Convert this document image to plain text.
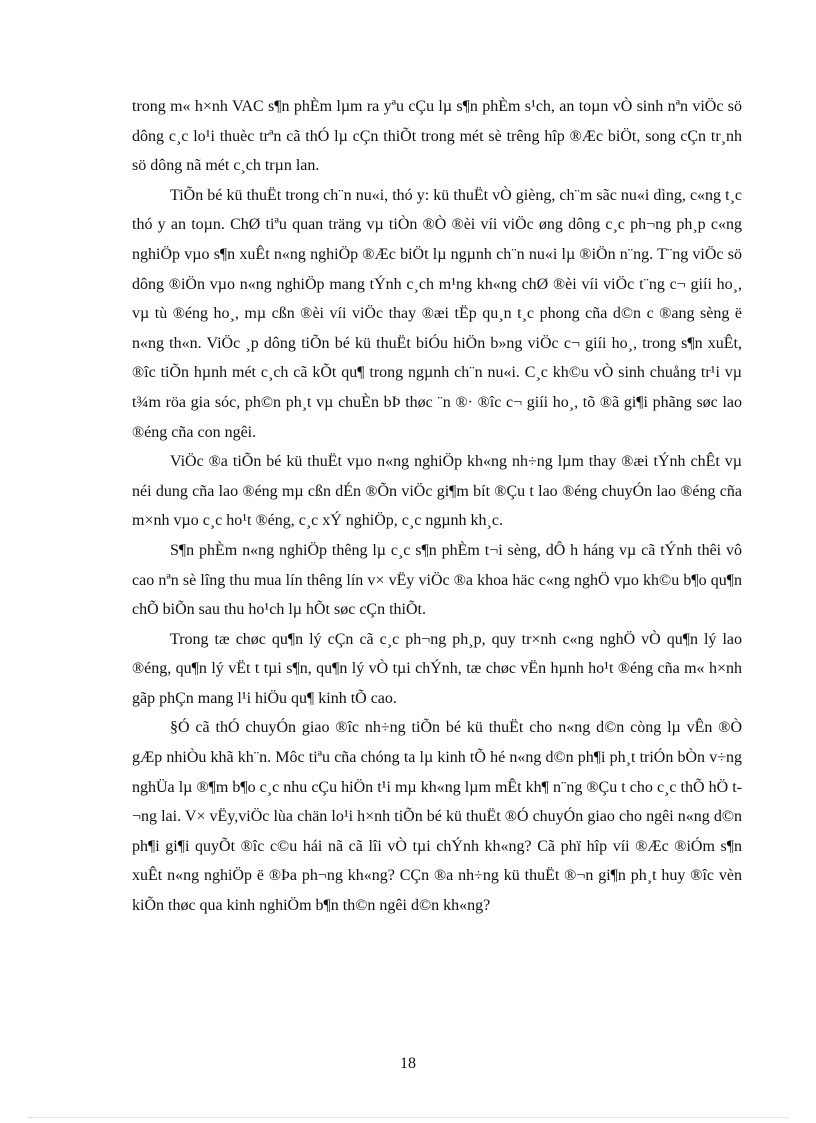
trong m« h×nh VAC s¶n phÈm lµm ra yªu cÇu lµ s¶n phÈm s¹ch, an toµn vÒ sinh nªn viÖc sö dông c¸c lo¹i thuèc trªn cã thÓ lµ cÇn thiÕt trong mét sè trêng hîp ®Æc biÖt, song cÇn tr¸nh sö dông nã mét c¸ch trµn lan.

TiÕn bé kü thuËt trong ch¨n nu«i, thó y: kü thuËt vÒ gièng, ch¨m sãc nu«i dìng, c«ng t¸c thó y an toµn. ChØ tiªu quan träng vµ tiÒn ®Ò ®èi víi viÖc øng dông c¸c ph¬ng ph¸p c«ng nghiÖp vµo s¶n xuÊt n«ng nghiÖp ®Æc biÖt lµ ngµnh ch¨n nu«i lµ ®iÖn n¨ng. T¨ng viÖc sö dông ®iÖn vµo n«ng nghiÖp mang tÝnh c¸ch m¹ng kh«ng chØ ®èi víi viÖc t¨ng c¬ giíi ho¸, vµ tù ®éng ho¸, mµ cßn ®èi víi viÖc thay ®æi tËp qu¸n t¸c phong cña d©n c ®ang sèng ë n«ng th«n. ViÖc ¸p dông tiÕn bé kü thuËt biÓu hiÖn b»ng viÖc c¬ giíi ho¸, trong s¶n xuÊt, ®îc tiÕn hµnh mét c¸ch cã kÕt qu¶ trong ngµnh ch¨n nu«i. C¸c kh©u vÒ sinh chuång tr¹i vµ t¾m röa gia sóc, ph©n ph¸t vµ chuÈn bÞ thøc ¨n ®· ®îc c¬ giíi ho¸, tõ ®ã gi¶i phãng søc lao ®éng cña con ngêi.

ViÖc ®a tiÕn bé kü thuËt vµo n«ng nghiÖp kh«ng nh÷ng lµm thay ®æi tÝnh chÊt vµ néi dung cña lao ®éng mµ cßn dÉn ®Õn viÖc gi¶m bít ®Çu t lao ®éng chuyÓn lao ®éng cña m×nh vµo c¸c ho¹t ®éng, c¸c xÝ nghiÖp, c¸c ngµnh kh¸c.

S¶n phÈm n«ng nghiÖp thêng lµ c¸c s¶n phÈm t¬i sèng, dÔ h háng vµ cã tÝnh thêi vô cao nªn sè lîng thu mua lín thêng lín v× vËy viÖc ®a khoa häc c«ng nghÖ vµo kh©u b¶o qu¶n chÕ biÕn sau thu ho¹ch lµ hÕt søc cÇn thiÕt.

Trong tæ chøc qu¶n lý cÇn cã c¸c ph¬ng ph¸p, quy tr×nh c«ng nghÖ vÒ qu¶n lý lao ®éng, qu¶n lý vËt t tµi s¶n, qu¶n lý vÒ tµi chÝnh, tæ chøc vËn hµnh ho¹t ®éng cña m« h×nh gãp phÇn mang l¹i hiÖu qu¶ kinh tÕ cao.

§Ó cã thÓ chuyÓn giao ®îc nh÷ng tiÕn bé kü thuËt cho n«ng d©n còng lµ vÊn ®Ò gÆp nhiÒu khã kh¨n. Môc tiªu cña chóng ta lµ kinh tÕ hé n«ng d©n ph¶i ph¸t triÓn bÒn v÷ng nghÜa lµ ®¶m b¶o c¸c nhu cÇu hiÖn t¹i mµ kh«ng lµm mÊt kh¶ n¨ng ®Çu t cho c¸c thÕ hÖ t¬ng lai. V× vËy,viÖc lùa chän lo¹i h×nh tiÕn bé kü thuËt ®Ó chuyÓn giao cho ngêi n«ng d©n ph¶i gi¶i quyÕt ®îc c©u hái nã cã lîi vÒ tµi chÝnh kh«ng? Cã phï hîp víi ®Æc ®iÓm s¶n xuÊt n«ng nghiÖp ë ®Þa ph¬ng kh«ng? CÇn ®a nh÷ng kü thuËt ®¬n gi¶n ph¸t huy ®îc vèn kiÕn thøc qua kinh nghiÖm b¶n th©n ngêi d©n kh«ng?

18
